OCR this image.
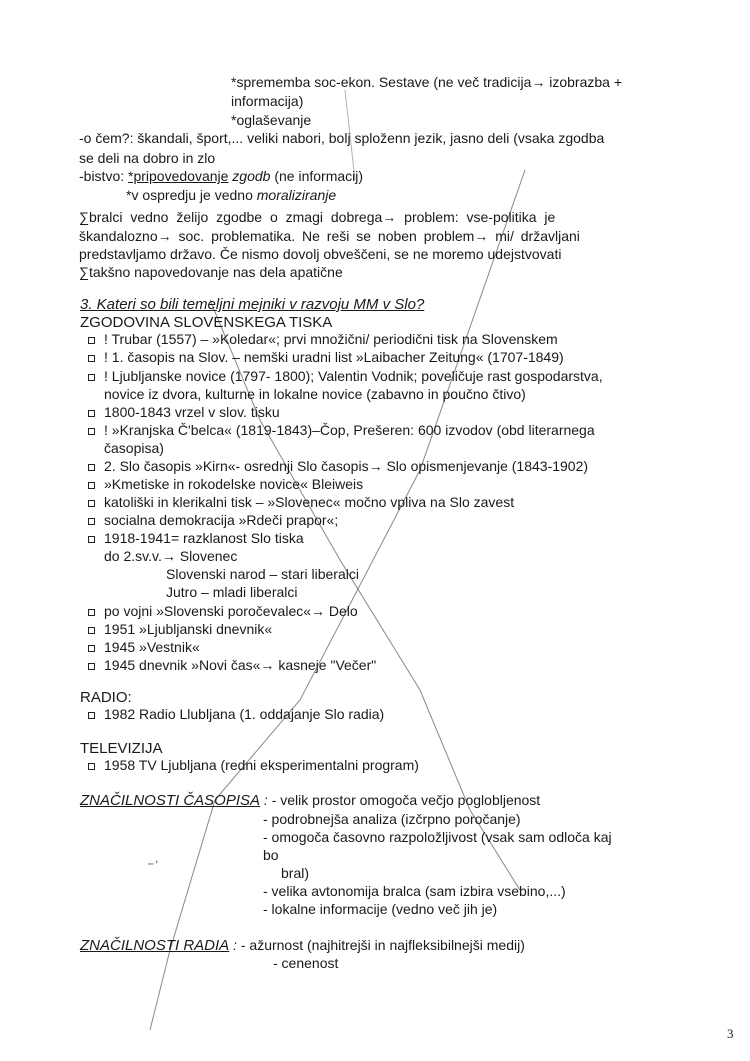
*sprememba soc-ekon. Sestave (ne več tradicija→ izobrazba +
informacija)
*oglaševanje
-o čem?: škandali, šport,... veliki nabori, bolj sploženn jezik, jasno deli (vsaka zgodba
se deli na dobro in zlo
-bistvo: *pripovedovanje zgodb (ne informacij)
*v ospredju je vedno moraliziranje
∑bralci vedno želijo zgodbe o zmagi dobrega→ problem: vse-politika je
škandalozno→ soc. problematika. Ne reši se noben problem→ mi/ državljani
predstavljamo državo. Če nismo dovolj obveščeni, se ne moremo udejstvovati
∑takšno napovedovanje nas dela apatične
3. Kateri so bili temeljni mejniki v razvoju MM v Slo?
ZGODOVINA SLOVENSKEGA TISKA
! Trubar (1557) – »Koledar«; prvi množični/ periodični tisk na Slovenskem
! 1. časopis na Slov. – nemški uradni list »Laibacher Zeitung« (1707-1849)
! Ljubljanske novice (1797- 1800); Valentin Vodnik; poveličuje rast gospodarstva,
novice iz dvora, kulturne in lokalne novice (zabavno in poučno čtivo)
1800-1843 vrzel v slov. tisku
! »Kranjska Č'belca« (1819-1843)–Čop, Prešeren: 600 izvodov (obd literarnega
časopisa)
2. Slo časopis »Kirn«- osrednji Slo časopis→ Slo opismenjevanje (1843-1902)
»Kmetiske in rokodelske novice« Bleiweis
katoliški in klerikalni tisk – »Slovenec« močno vpliva na Slo zavest
socialna demokracija »Rdeči prapor«;
1918-1941= razklanost Slo tiska
do 2.sv.v.→ Slovenec
Slovenski narod – stari liberalci
Jutro – mladi liberalci
po vojni »Slovenski poročevalec«→ Delo
1951 »Ljubljanski dnevnik«
1945 »Vestnik«
1945 dnevnik »Novi čas«→ kasneje "Večer"
RADIO:
1982 Radio Llubljana (1. oddajanje Slo radia)
TELEVIZIJA
1958 TV Ljubljana (redni eksperimentalni program)
ZNAČILNOSTI ČASOPISA : - velik prostor omogoča večjo poglobljenost
- podrobnejša analiza (izčrpno poročanje)
- omogoča časovno razpoložljivost (vsak sam odloča kaj
bo
⁻ʾ	bral)
- velika avtonomija bralca (sam izbira vsebino,...)
- lokalne informacije (vedno več jih je)
ZNAČILNOSTI RADIA : - ažurnost (najhitrejši in najfleksibilnejši medij)
- cenenost
3
